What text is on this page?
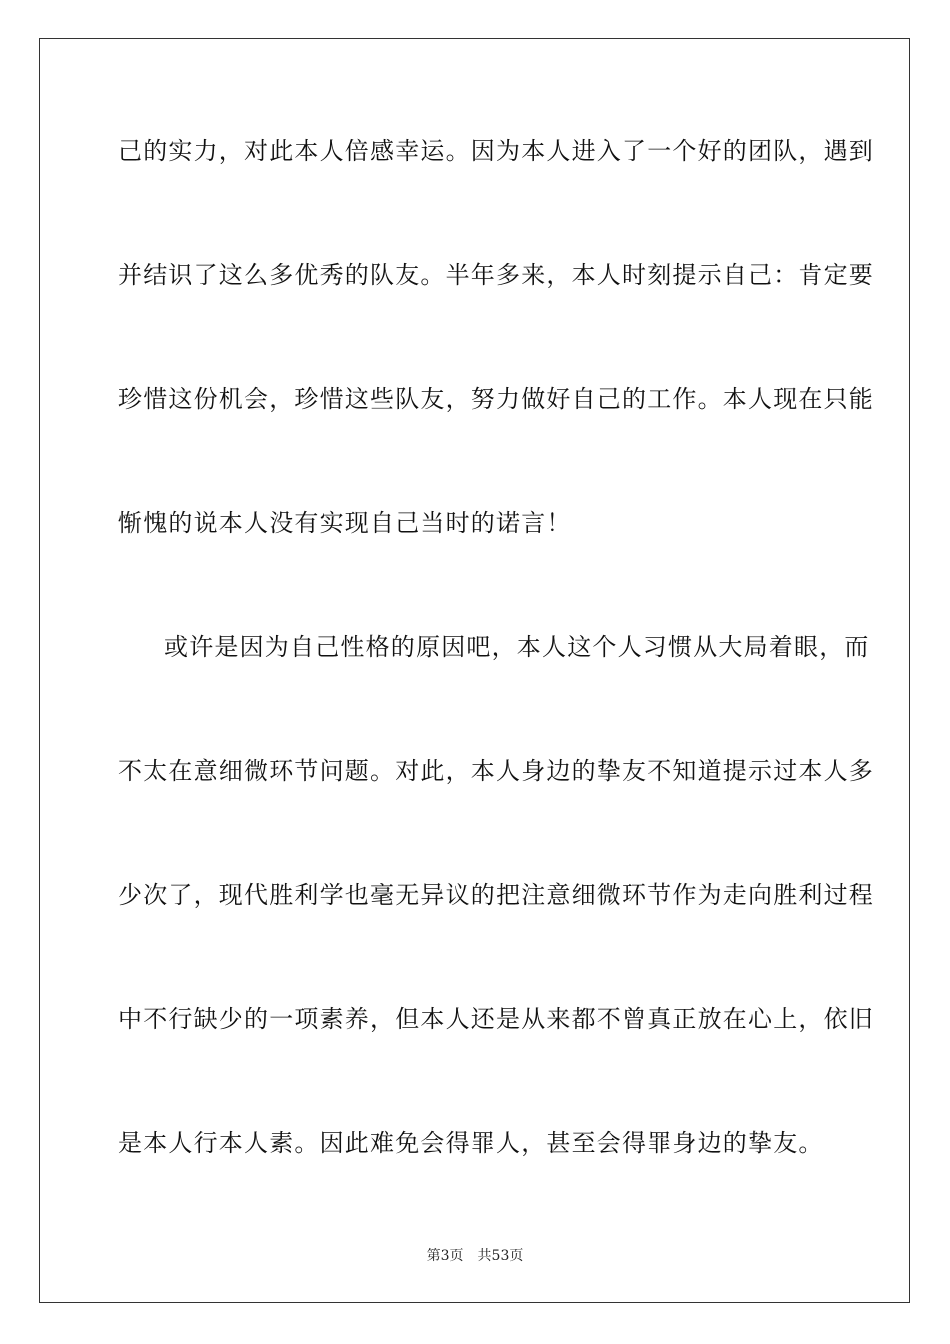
己的实力，对此本人倍感幸运。因为本人进入了一个好的团队，遇到
并结识了这么多优秀的队友。半年多来，本人时刻提示自己：肯定要
珍惜这份机会，珍惜这些队友，努力做好自己的工作。本人现在只能
惭愧的说本人没有实现自己当时的诺言！
或许是因为自己性格的原因吧，本人这个人习惯从大局着眼，而
不太在意细微环节问题。对此，本人身边的挚友不知道提示过本人多
少次了，现代胜利学也毫无异议的把注意细微环节作为走向胜利过程
中不行缺少的一项素养，但本人还是从来都不曾真正放在心上，依旧
是本人行本人素。因此难免会得罪人，甚至会得罪身边的挚友。
第3页 共53页
